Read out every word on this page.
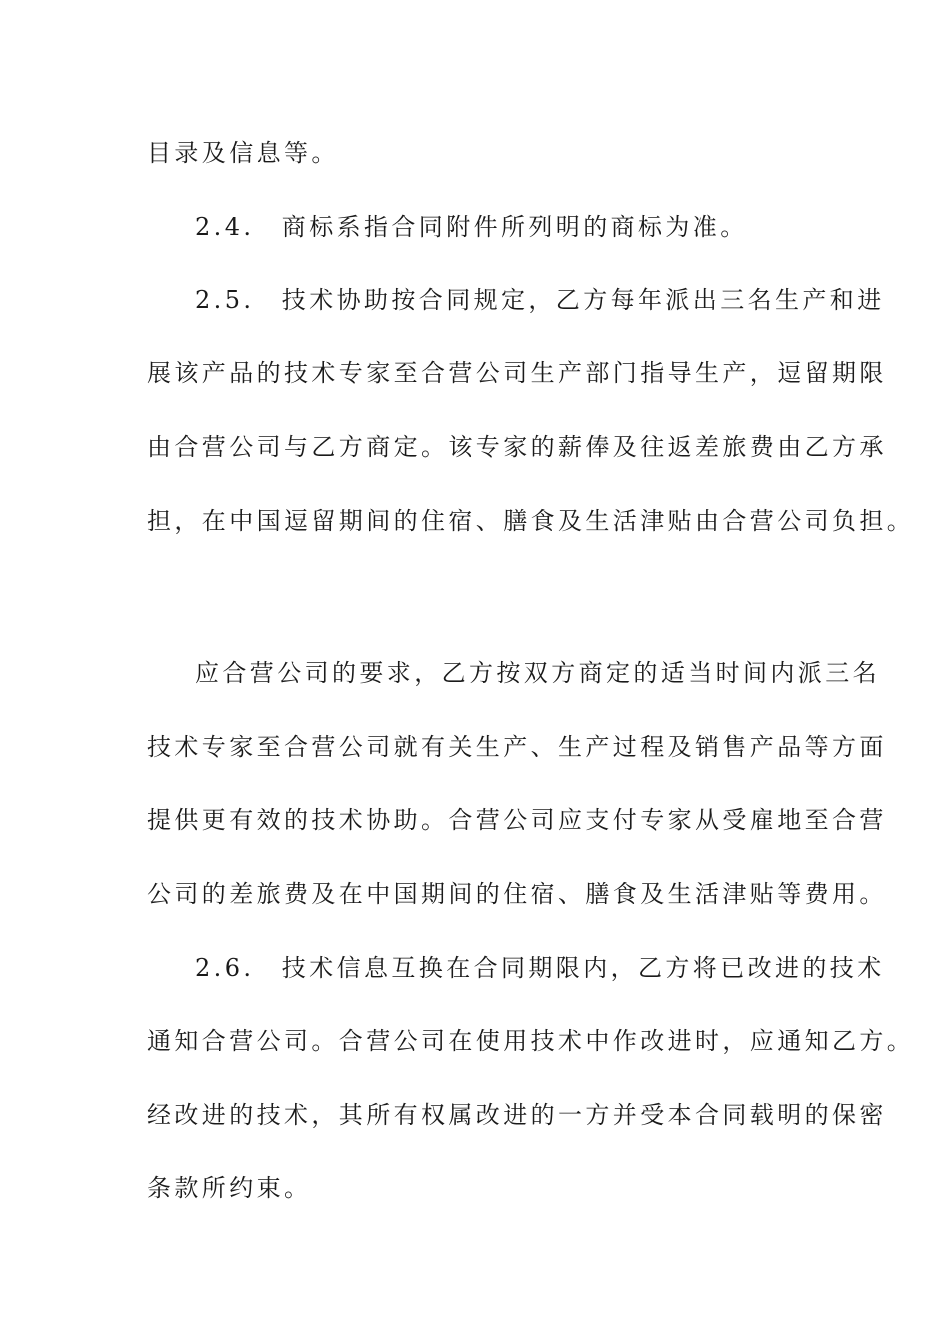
目录及信息等。
2.4.　商标系指合同附件所列明的商标为准。
2.5.　技术协助按合同规定，乙方每年派出三名生产和进
展该产品的技术专家至合营公司生产部门指导生产，逗留期限
由合营公司与乙方商定。该专家的薪俸及往返差旅费由乙方承
担，在中国逗留期间的住宿、膳食及生活津贴由合营公司负担。
应合营公司的要求，乙方按双方商定的适当时间内派三名
技术专家至合营公司就有关生产、生产过程及销售产品等方面
提供更有效的技术协助。合营公司应支付专家从受雇地至合营
公司的差旅费及在中国期间的住宿、膳食及生活津贴等费用。
2.6.　技术信息互换在合同期限内，乙方将已改进的技术
通知合营公司。合营公司在使用技术中作改进时，应通知乙方。
经改进的技术，其所有权属改进的一方并受本合同载明的保密
条款所约束。
